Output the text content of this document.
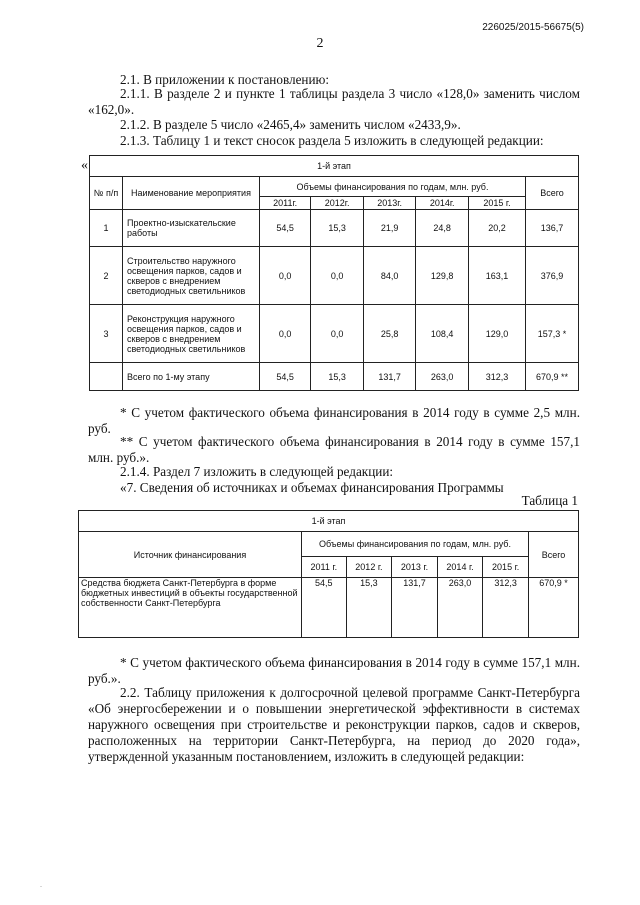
226025/2015-56675(5)
2
2.1. В приложении к постановлению:
2.1.1. В разделе 2 и пункте 1 таблицы раздела 3 число «128,0» заменить числом «162,0».
2.1.2. В разделе 5 число «2465,4» заменить числом «2433,9».
2.1.3. Таблицу 1 и текст сносок раздела 5 изложить в следующей редакции:
«	1-й этап							
№ п/п	Наименование мероприятия	Объемы финансирования по годам, млн. руб.					Всего
		2011г.	2012г.	2013г.	2014г.	2015 г.	
1	Проектно-изыскательские работы	54,5	15,3	21,9	24,8	20,2	136,7
2	Строительство наружного освещения парков, садов и скверов с внедрением светодиодных светильников	0,0	0,0	84,0	129,8	163,1	376,9
3	Реконструкция наружного освещения парков, садов и скверов с внедрением светодиодных светильников	0,0	0,0	25,8	108,4	129,0	157,3 *
	Всего по 1-му этапу	54,5	15,3	131,7	263,0	312,3	670,9 **
* С учетом фактического объема финансирования в 2014 году в сумме 2,5 млн. руб.
** С учетом фактического объема финансирования в 2014 году в сумме 157,1 млн. руб.».
2.1.4. Раздел 7 изложить в следующей редакции:
«7. Сведения об источниках и объемах финансирования Программы
Таблица 1
1-й этап						
Источник финансирования	Объемы финансирования по годам, млн. руб.					Всего
	2011 г.	2012 г.	2013 г.	2014 г.	2015 г.	
Средства бюджета Санкт-Петербурга в форме бюджетных инвестиций в объекты государственной собственности Санкт-Петербурга	54,5	15,3	131,7	263,0	312,3	670,9 *
* С учетом фактического объема финансирования в 2014 году в сумме 157,1 млн. руб.».
2.2. Таблицу приложения к долгосрочной целевой программе Санкт-Петербурга «Об энергосбережении и о повышении энергетической эффективности в системах наружного освещения при строительстве и реконструкции парков, садов и скверов, расположенных на территории Санкт-Петербурга, на период до 2020 года», утвержденной указанным постановлением, изложить в следующей редакции:
.
